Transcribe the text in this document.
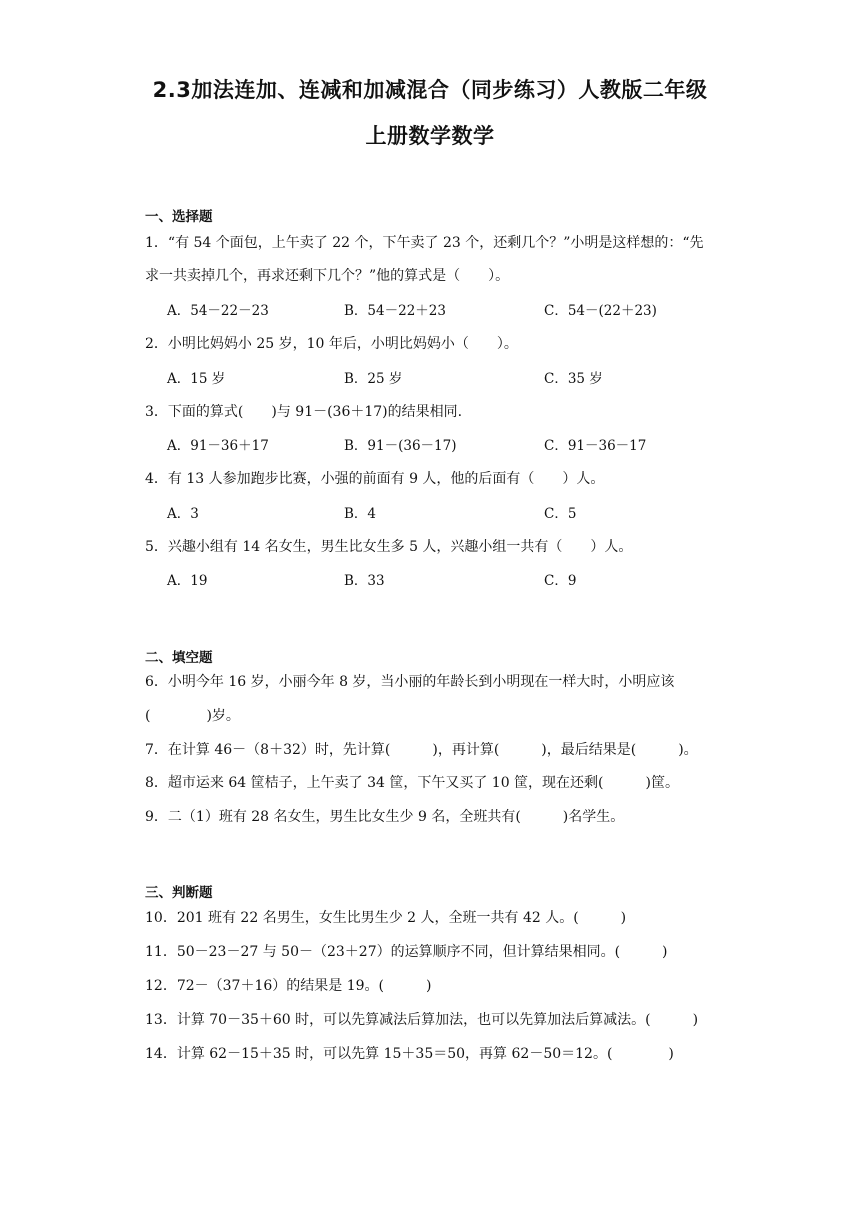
2.3加法连加、连减和加减混合（同步练习）人教版二年级
上册数学数学
一、选择题
1．“有 54 个面包，上午卖了 22 个，下午卖了 23 个，还剩几个？”小明是这样想的：“先
求一共卖掉几个，再求还剩下几个？”他的算式是（　　）。
A．54－22－23	B．54－22＋23	C．54－(22＋23)
2．小明比妈妈小 25 岁，10 年后，小明比妈妈小（　　）。
A．15 岁	B．25 岁	C．35 岁
3．下面的算式(　　)与 91－(36＋17)的结果相同.
A．91－36＋17	B．91－(36－17)	C．91－36－17
4．有 13 人参加跑步比赛，小强的前面有 9 人，他的后面有（　　）人。
A．3	B．4	C．5
5．兴趣小组有 14 名女生，男生比女生多 5 人，兴趣小组一共有（　　）人。
A．19	B．33	C．9
二、填空题
6．小明今年 16 岁，小丽今年 8 岁，当小丽的年龄长到小明现在一样大时，小明应该
(　　　　)岁。
7．在计算 46－（8＋32）时，先计算(　　　)，再计算(　　　)，最后结果是(　　　)。
8．超市运来 64 筐桔子，上午卖了 34 筐，下午又买了 10 筐，现在还剩(　　　)筐。
9．二（1）班有 28 名女生，男生比女生少 9 名，全班共有(　　　)名学生。
三、判断题
10．201 班有 22 名男生，女生比男生少 2 人，全班一共有 42 人。(　　　)
11．50－23－27 与 50－（23＋27）的运算顺序不同，但计算结果相同。(　　　)
12．72－（37＋16）的结果是 19。(　　　)
13．计算 70－35＋60 时，可以先算减法后算加法，也可以先算加法后算减法。(　　　)
14．计算 62－15＋35 时，可以先算 15＋35＝50，再算 62－50＝12。(　　　　)
